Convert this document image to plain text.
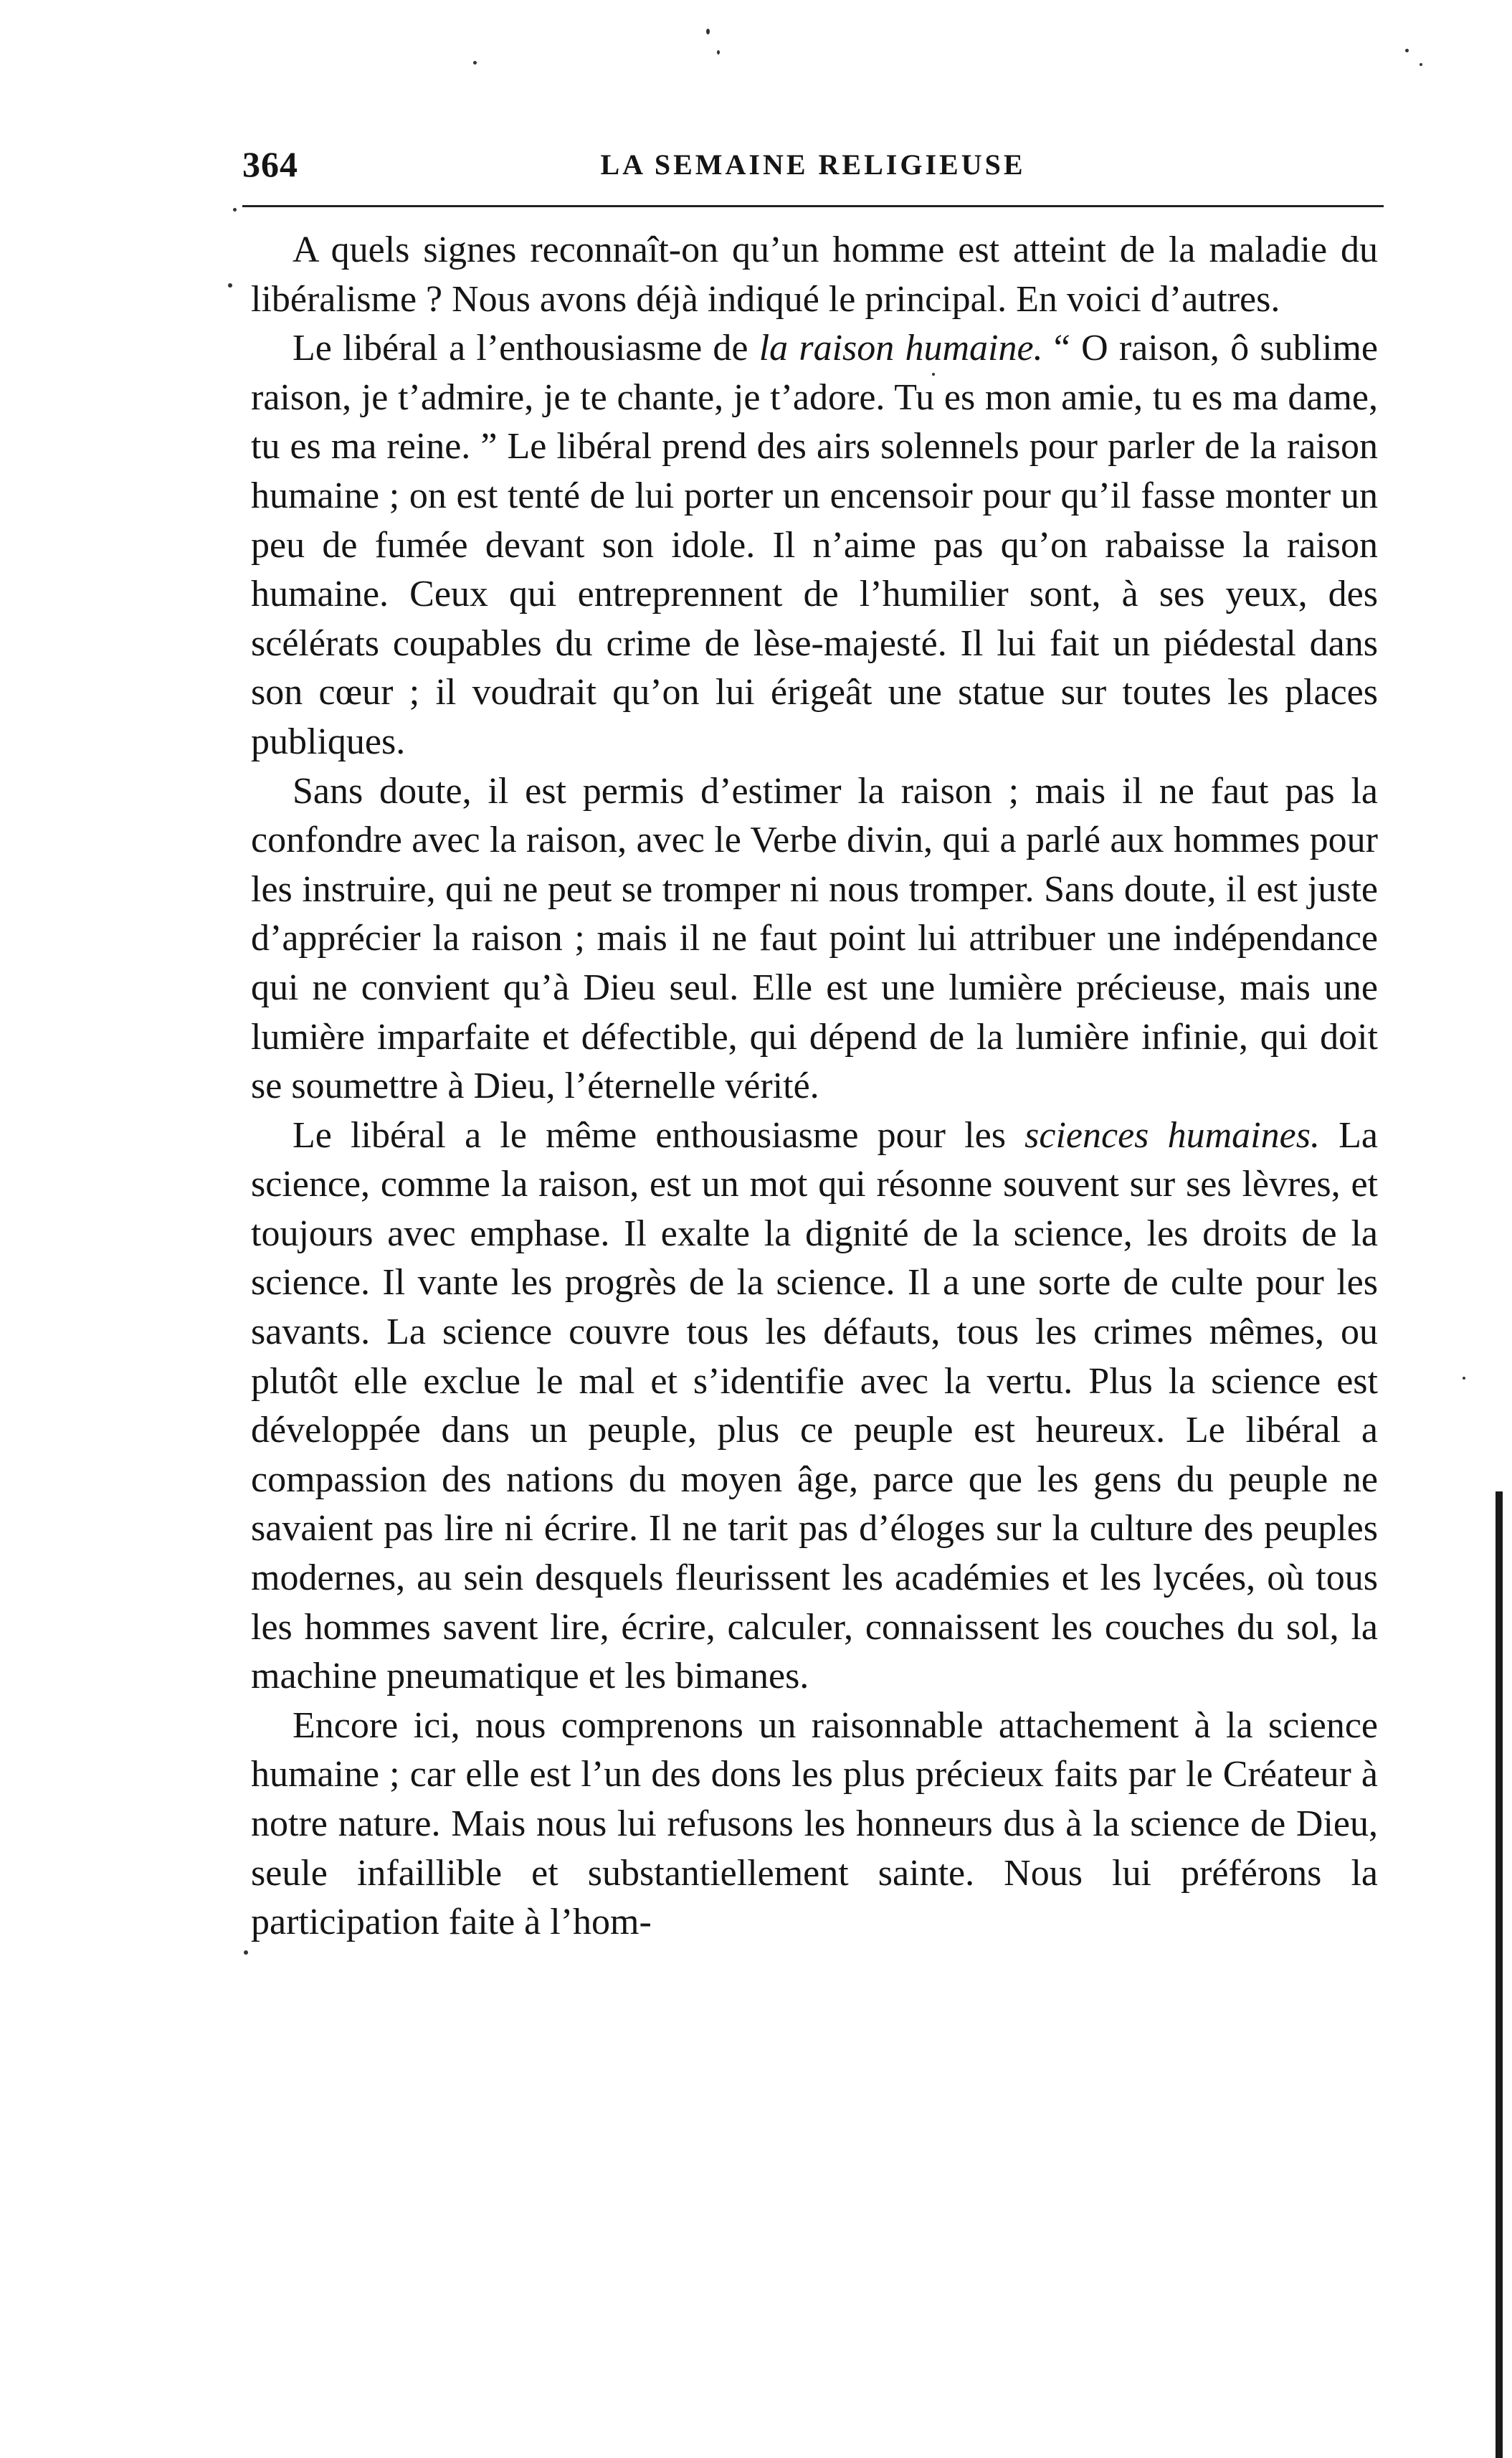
364	LA SEMAINE RELIGIEUSE

A quels signes reconnaît-on qu’un homme est atteint de la maladie du libéralisme ? Nous avons déjà indiqué le principal. En voici d’autres.

Le libéral a l’enthousiasme de la raison humaine. “ O raison, ô sublime raison, je t’admire, je te chante, je t’adore. Tu es mon amie, tu es ma dame, tu es ma reine. ” Le libéral prend des airs solennels pour parler de la raison humaine ; on est tenté de lui porter un encensoir pour qu’il fasse monter un peu de fumée devant son idole. Il n’aime pas qu’on rabaisse la raison humaine. Ceux qui entreprennent de l’humilier sont, à ses yeux, des scélérats coupables du crime de lèse-majesté. Il lui fait un piédestal dans son cœur ; il voudrait qu’on lui érigeât une statue sur toutes les places publiques.

Sans doute, il est permis d’estimer la raison ; mais il ne faut pas la confondre avec la raison, avec le Verbe divin, qui a parlé aux hommes pour les instruire, qui ne peut se tromper ni nous tromper. Sans doute, il est juste d’apprécier la raison ; mais il ne faut point lui attribuer une indépendance qui ne convient qu’à Dieu seul. Elle est une lumière précieuse, mais une lumière imparfaite et défectible, qui dépend de la lumière infinie, qui doit se soumettre à Dieu, l’éternelle vérité.

Le libéral a le même enthousiasme pour les sciences humaines. La science, comme la raison, est un mot qui résonne souvent sur ses lèvres, et toujours avec emphase. Il exalte la dignité de la science, les droits de la science. Il vante les progrès de la science. Il a une sorte de culte pour les savants. La science couvre tous les défauts, tous les crimes mêmes, ou plutôt elle exclue le mal et s’identifie avec la vertu. Plus la science est développée dans un peuple, plus ce peuple est heureux. Le libéral a compassion des nations du moyen âge, parce que les gens du peuple ne savaient pas lire ni écrire. Il ne tarit pas d’éloges sur la culture des peuples modernes, au sein desquels fleurissent les académies et les lycées, où tous les hommes savent lire, écrire, calculer, connaissent les couches du sol, la machine pneumatique et les bimanes.

Encore ici, nous comprenons un raisonnable attachement à la science humaine ; car elle est l’un des dons les plus précieux faits par le Créateur à notre nature. Mais nous lui refusons les honneurs dus à la science de Dieu, seule infaillible et substantiellement sainte. Nous lui préférons la participation faite à l’hom-
